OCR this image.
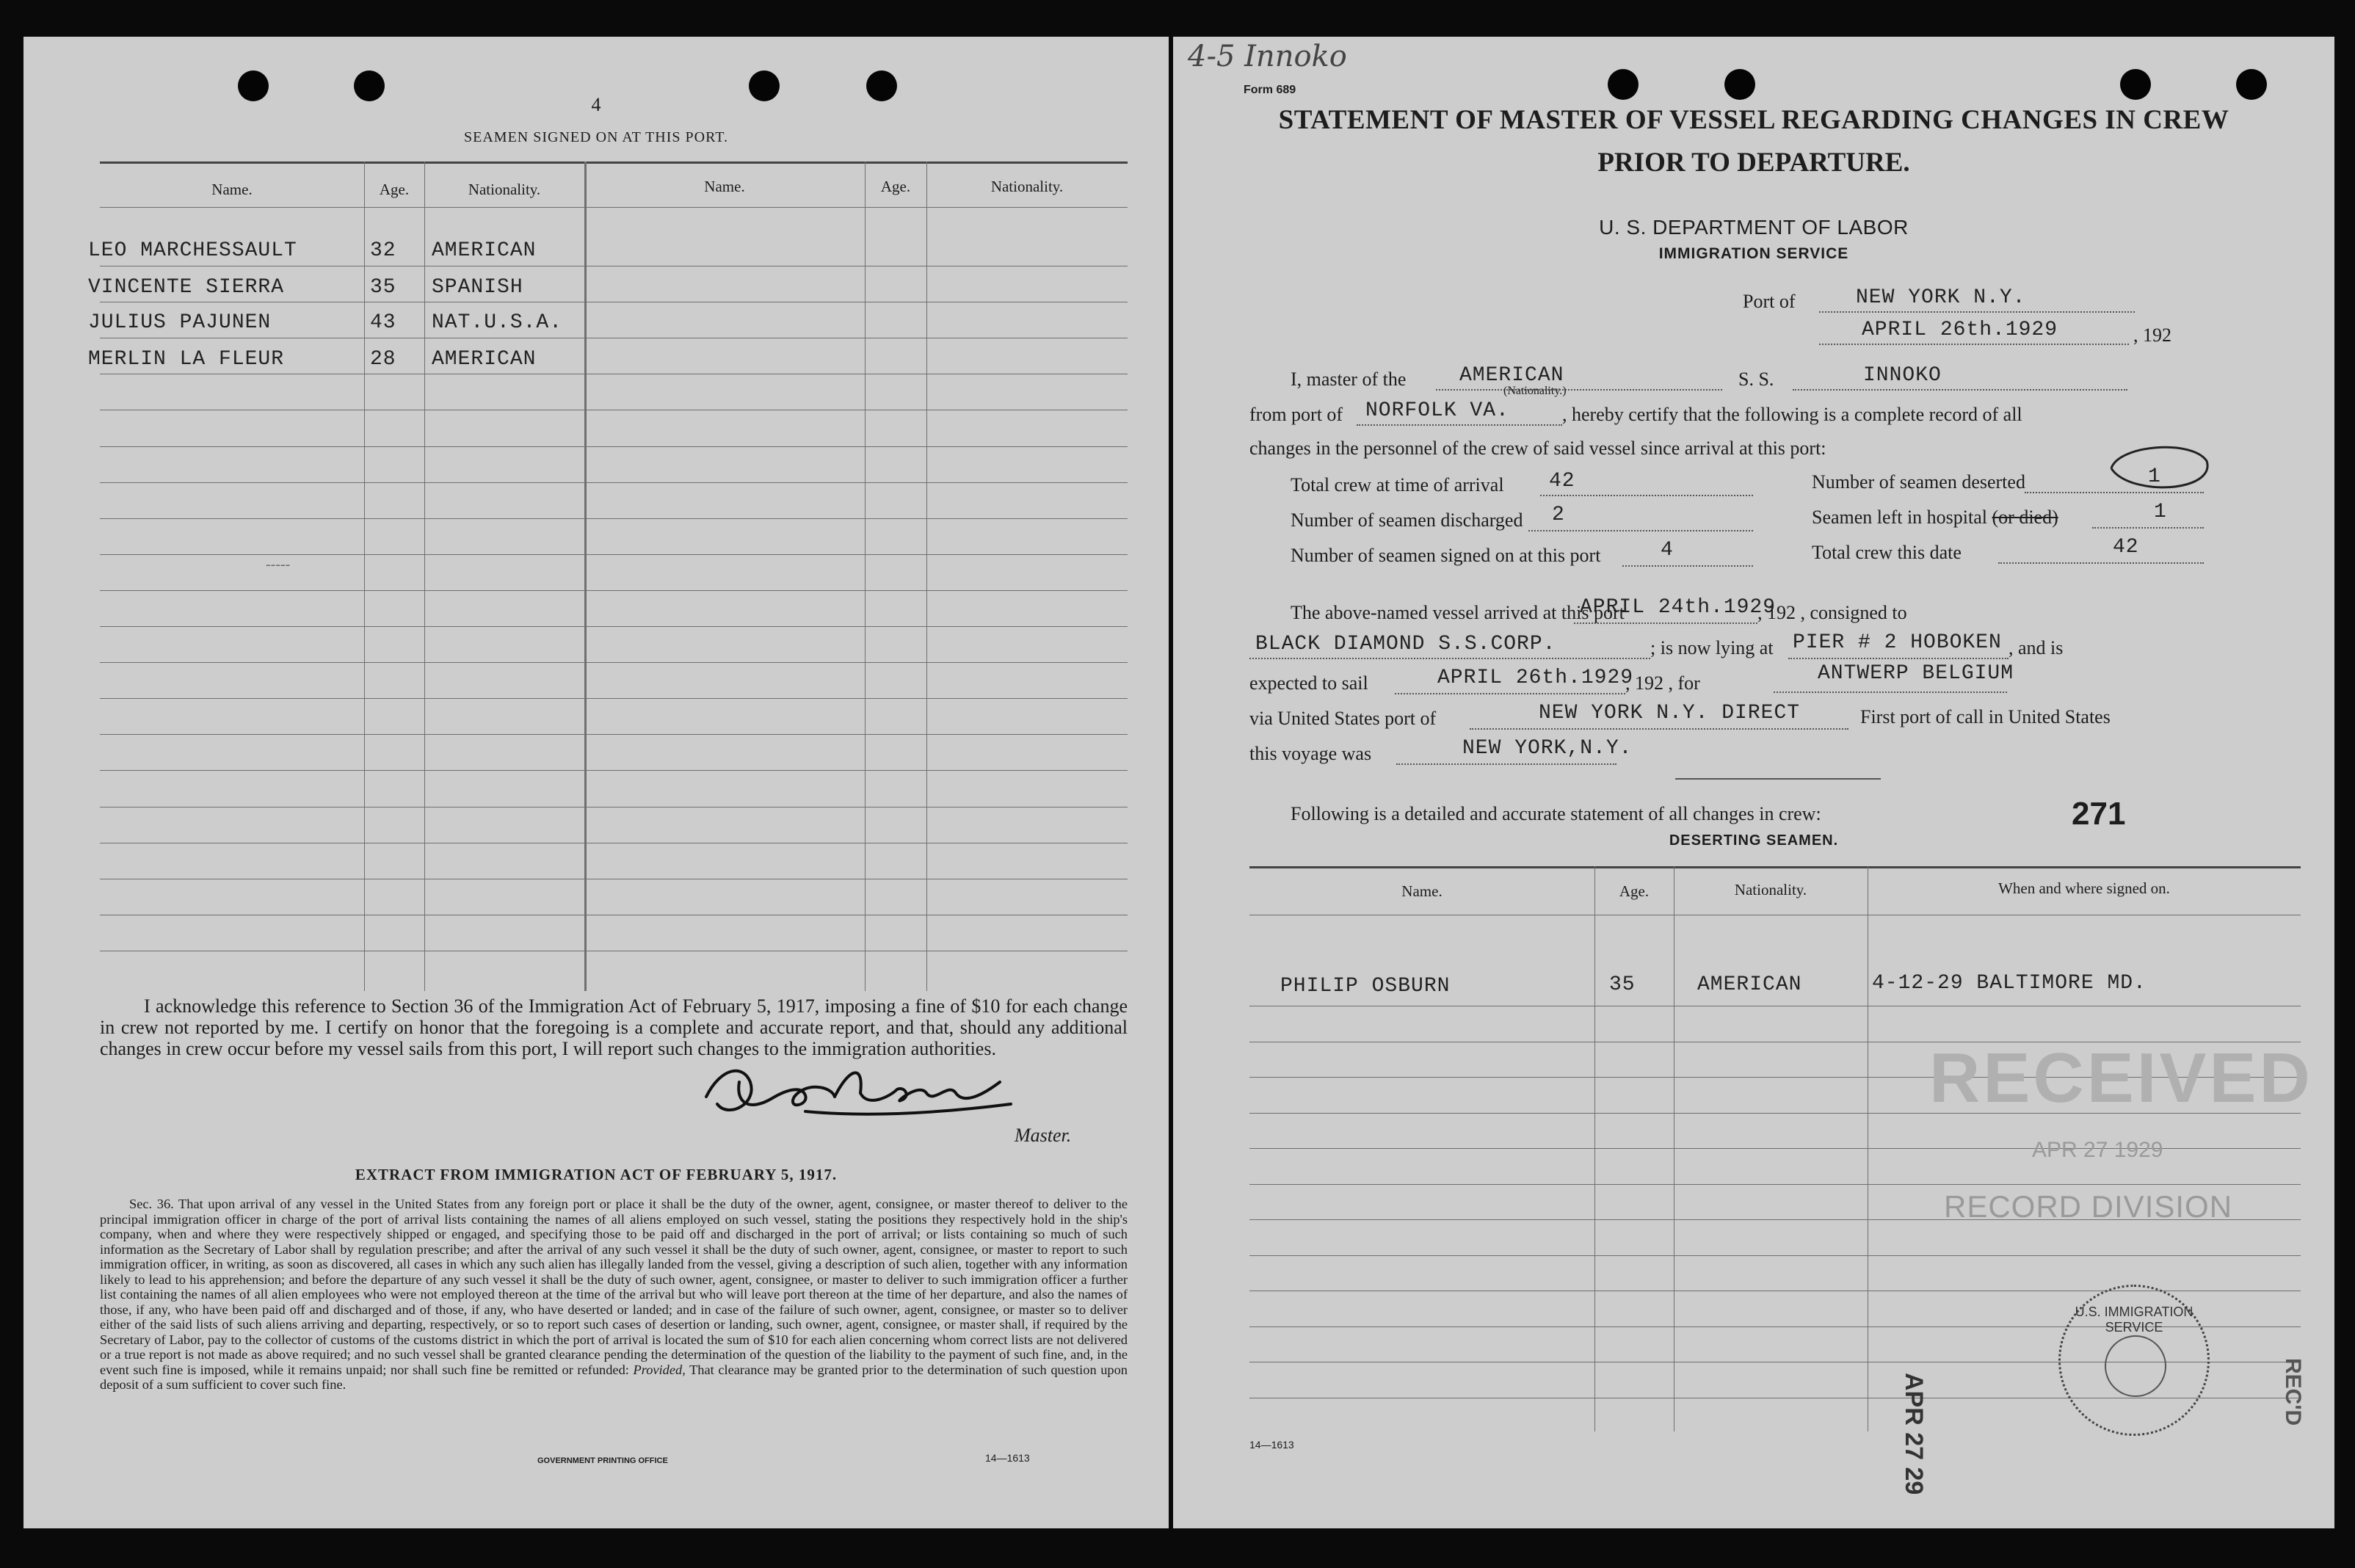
4
SEAMEN SIGNED ON AT THIS PORT.
Name.	Age.	Nationality.	Name.	Age.	Nationality.
LEO MARCHESSAULT	32 AMERICAN
VINCENTE SIERRA	35 SPANISH
JULIUS PAJUNEN	43 NAT.U.S.A.
MERLIN LA FLEUR	28 AMERICAN
-----
I acknowledge this reference to Section 36 of the Immigration Act of February 5, 1917, imposing a fine of $10 for each change in crew not reported by me. I certify on honor that the foregoing is a complete and accurate report, and that, should any additional changes in crew occur before my vessel sails from this port, I will report such changes to the immigration authorities.
Master.
EXTRACT FROM IMMIGRATION ACT OF FEBRUARY 5, 1917.
Sec. 36. That upon arrival of any vessel in the United States from any foreign port or place it shall be the duty of the owner, agent, consignee, or master thereof to deliver to the principal immigration officer in charge of the port of arrival lists containing the names of all aliens employed on such vessel, stating the positions they respectively hold in the ship's company, when and where they were respectively shipped or engaged, and specifying those to be paid off and discharged in the port of arrival; or lists containing so much of such information as the Secretary of Labor shall by regulation prescribe; and after the arrival of any such vessel it shall be the duty of such owner, agent, consignee, or master to report to such immigration officer, in writing, as soon as discovered, all cases in which any such alien has illegally landed from the vessel, giving a description of such alien, together with any information likely to lead to his apprehension; and before the departure of any such vessel it shall be the duty of such owner, agent, consignee, or master to deliver to such immigration officer a further list containing the names of all alien employees who were not employed thereon at the time of the arrival but who will leave port thereon at the time of her departure, and also the names of those, if any, who have been paid off and discharged and of those, if any, who have deserted or landed; and in case of the failure of such owner, agent, consignee, or master so to deliver either of the said lists of such aliens arriving and departing, respectively, or so to report such cases of desertion or landing, such owner, agent, consignee, or master shall, if required by the Secretary of Labor, pay to the collector of customs of the customs district in which the port of arrival is located the sum of $10 for each alien concerning whom correct lists are not delivered or a true report is not made as above required; and no such vessel shall be granted clearance pending the determination of the question of the liability to the payment of such fine, and, in the event such fine is imposed, while it remains unpaid; nor shall such fine be remitted or refunded: Provided, That clearance may be granted prior to the determination of such question upon deposit of a sum sufficient to cover such fine.
GOVERNMENT PRINTING OFFICE	14—1613
4-5 Innoko
Form 689
STATEMENT OF MASTER OF VESSEL REGARDING CHANGES IN CREW
PRIOR TO DEPARTURE.
U. S. DEPARTMENT OF LABOR
IMMIGRATION SERVICE
Port of	NEW YORK N.Y.
APRIL 26th.1929	, 192
I, master of the	AMERICAN
(Nationality.)
S. S.	INNOKO
from port of NORFOLK VA.	, hereby certify that the following is a complete record of all
changes in the personnel of the crew of said vessel since arrival at this port:
Total crew at time of arrival 42	Number of seamen deserted	1
Number of seamen discharged 2	Seamen left in hospital (or died)	1
Number of seamen signed on at this port	4	Total crew this date	42
The above-named vessel arrived at this port
APRIL 24th.1929
, 192 , consigned to
BLACK DIAMOND S.S.CORP.	; is now lying at PIER # 2 HOBOKEN , and is
expected to sail	APRIL 26th.1929
, 192 , for	ANTWERP BELGIUM
via United States port of	NEW YORK N.Y. DIRECT	First port of call in United States
this voyage was	NEW YORK,N.Y.
271
Following is a detailed and accurate statement of all changes in crew:
DESERTING SEAMEN.
Name.	Age.	Nationality.	When and where signed on.
PHILIP OSBURN	35	AMERICAN	4-12-29 BALTIMORE MD.
RECEIVED
APR 27 1929
RECORD DIVISION
APR 27 29
U.S. IMMIGRATION SERVICE
REC'D
14—1613
